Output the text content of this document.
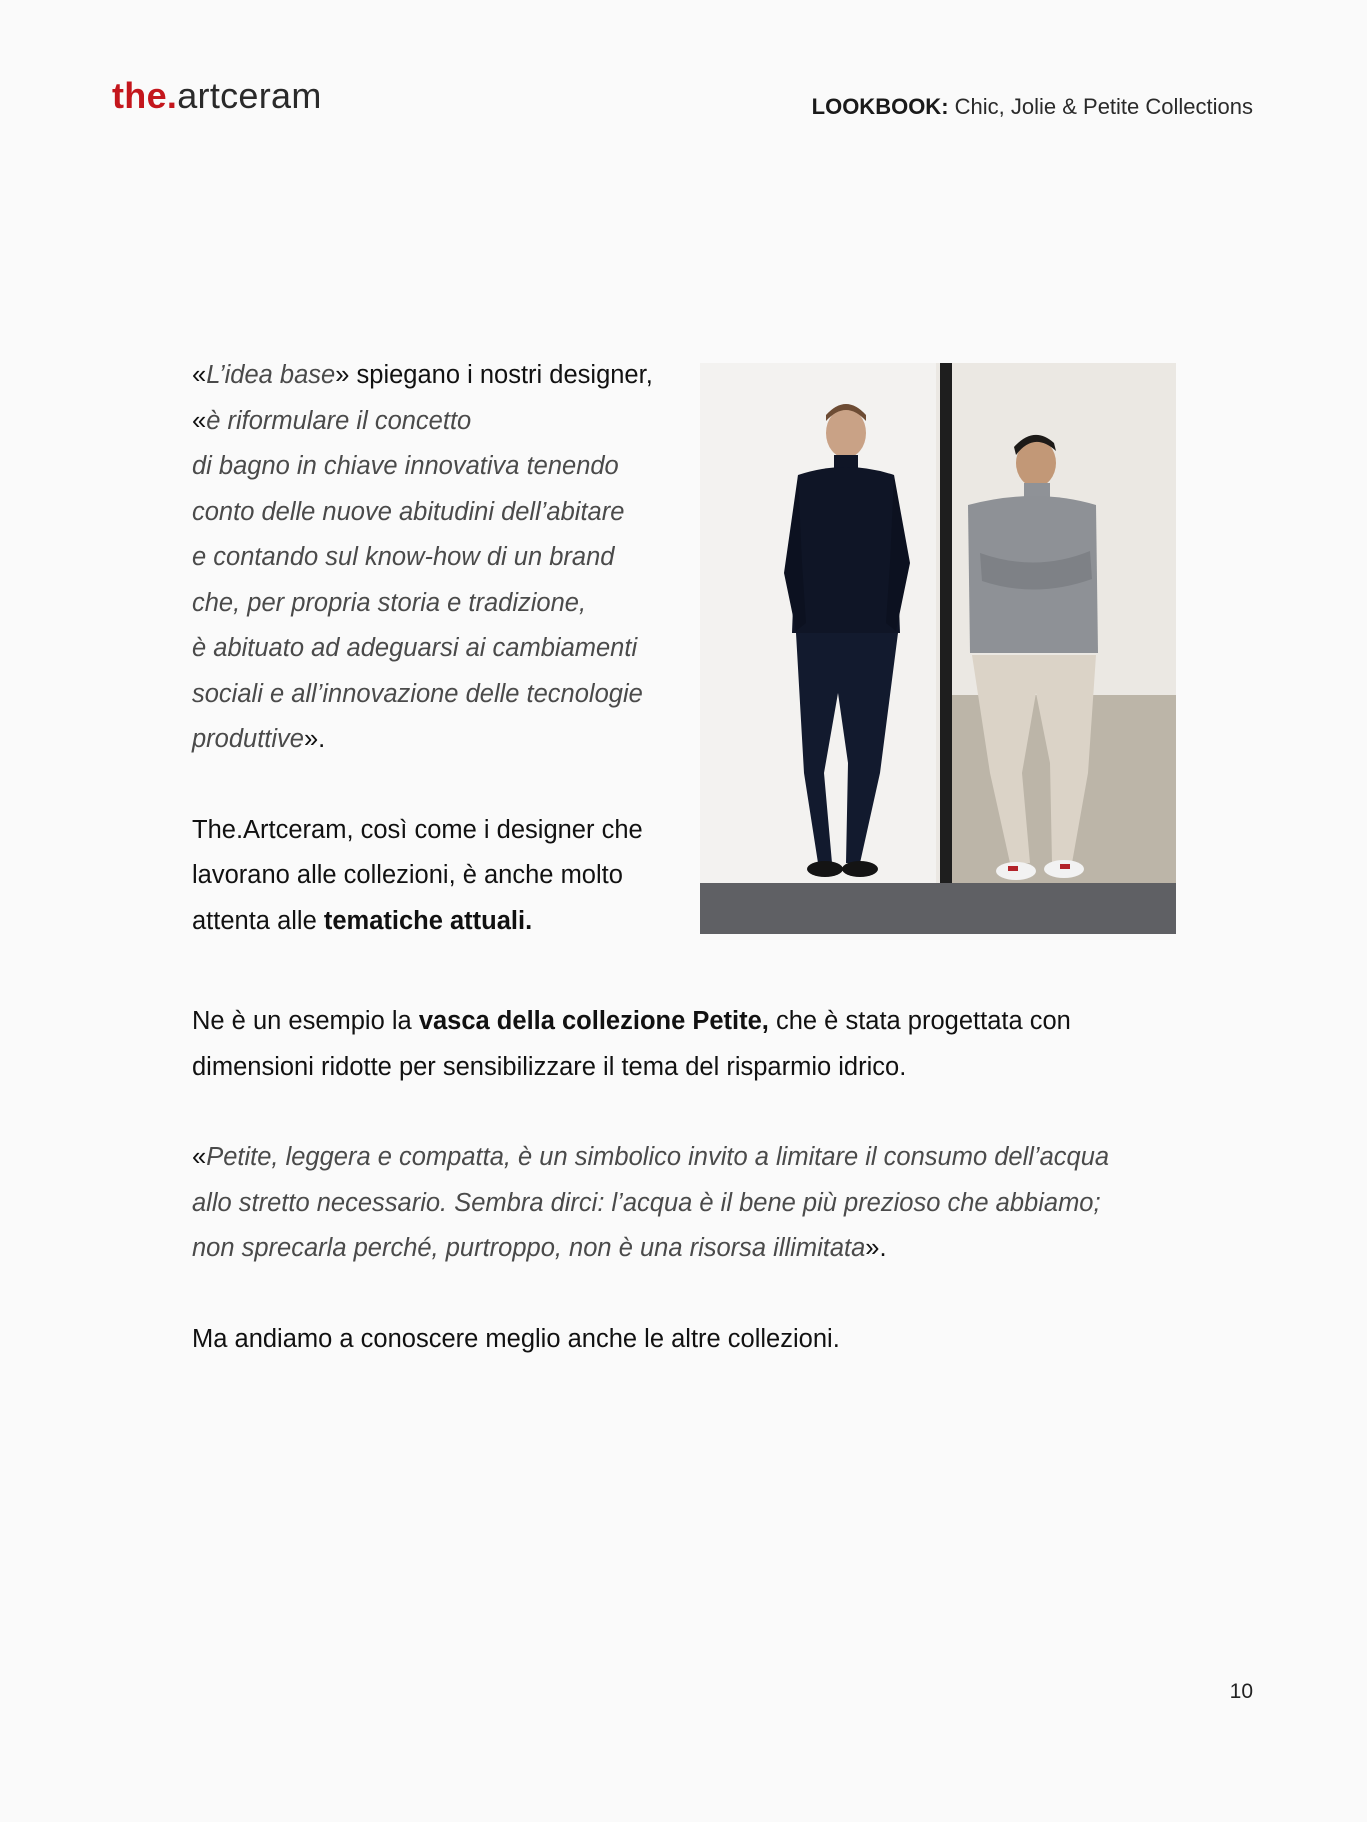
the.artceram	LOOKBOOK: Chic, Jolie & Petite Collections

«L’idea base» spiegano i nostri designer, «è riformulare il concetto
di bagno in chiave innovativa tenendo
conto delle nuove abitudini dell’abitare
e contando sul know-how di un brand
che, per propria storia e tradizione,
è abituato ad adeguarsi ai cambiamenti
sociali e all’innovazione delle tecnologie
produttive».

The.Artceram, così come i designer che lavorano alle collezioni, è anche molto attenta alle tematiche attuali.

Ne è un esempio la vasca della collezione Petite, che è stata progettata con dimensioni ridotte per sensibilizzare il tema del risparmio idrico.

«Petite, leggera e compatta, è un simbolico invito a limitare il consumo dell’acqua
allo stretto necessario. Sembra dirci: l’acqua è il bene più prezioso che abbiamo;
non sprecarla perché, purtroppo, non è una risorsa illimitata».

Ma andiamo a conoscere meglio anche le altre collezioni.

10
